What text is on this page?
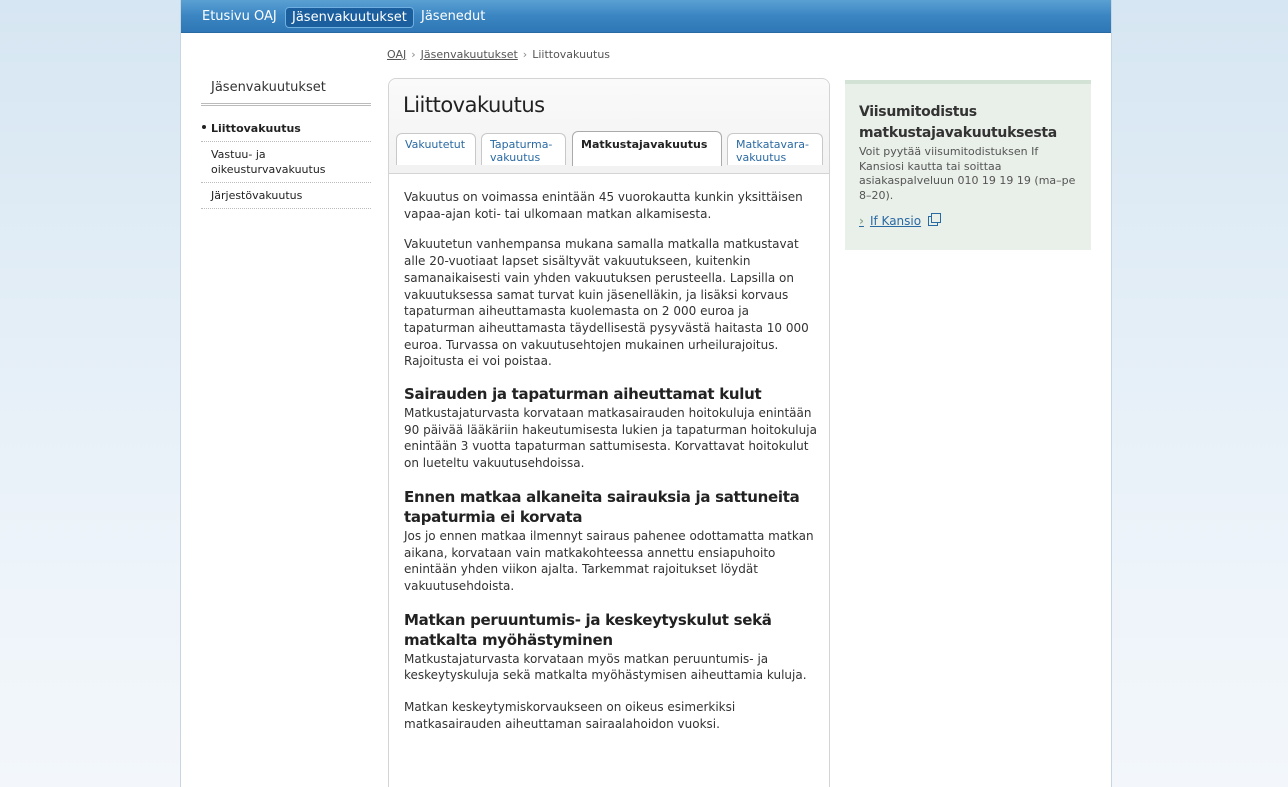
Etusivu OAJ	Jäsenvakuutukset	Jäsenedut
OAJ › Jäsenvakuutukset › Liittovakuutus
Jäsenvakuutukset
Liittovakuutus
Vastuu- ja oikeusturvavakuutus
Järjestövakuutus
Liittovakuutus
Vakuutetut	Tapaturma-
vakuutus
Matkustajavakuutus	Matkatavara-
vakuutus

Vakuutus on voimassa enintään 45 vuorokautta kunkin yksittäisen vapaa-ajan koti- tai ulkomaan matkan alkamisesta.

Vakuutetun vanhempansa mukana samalla matkalla matkustavat alle 20-vuotiaat lapset sisältyvät vakuutukseen, kuitenkin samanaikaisesti vain yhden vakuutuksen perusteella. Lapsilla on vakuutuksessa samat turvat kuin jäsenelläkin, ja lisäksi korvaus tapaturman aiheuttamasta kuolemasta on 2 000 euroa ja tapaturman aiheuttamasta täydellisestä pysyvästä haitasta 10 000 euroa. Turvassa on vakuutusehtojen mukainen urheilurajoitus. Rajoitusta ei voi poistaa.

Sairauden ja tapaturman aiheuttamat kulut

Matkustajaturvasta korvataan matkasairauden hoitokuluja enintään 90 päivää lääkäriin hakeutumisesta lukien ja tapaturman hoitokuluja enintään 3 vuotta tapaturman sattumisesta. Korvattavat hoitokulut on lueteltu vakuutusehdoissa.

Ennen matkaa alkaneita sairauksia ja sattuneita tapaturmia ei korvata

Jos jo ennen matkaa ilmennyt sairaus pahenee odottamatta matkan aikana, korvataan vain matkakohteessa annettu ensiapuhoito enintään yhden viikon ajalta. Tarkemmat rajoitukset löydät vakuutusehdoista.

Matkan peruuntumis- ja keskeytyskulut sekä matkalta myöhästyminen

Matkustajaturvasta korvataan myös matkan peruuntumis- ja keskeytyskuluja sekä matkalta myöhästymisen aiheuttamia kuluja.

Matkan keskeytymiskorvaukseen on oikeus esimerkiksi matkasairauden aiheuttaman sairaalahoidon vuoksi.

Viisumitodistus matkustajavakuutuksesta

Voit pyytää viisumitodistuksen If Kansiosi kautta tai soittaa asiakaspalveluun 010 19 19 19 (ma–pe 8–20).

› If Kansio
